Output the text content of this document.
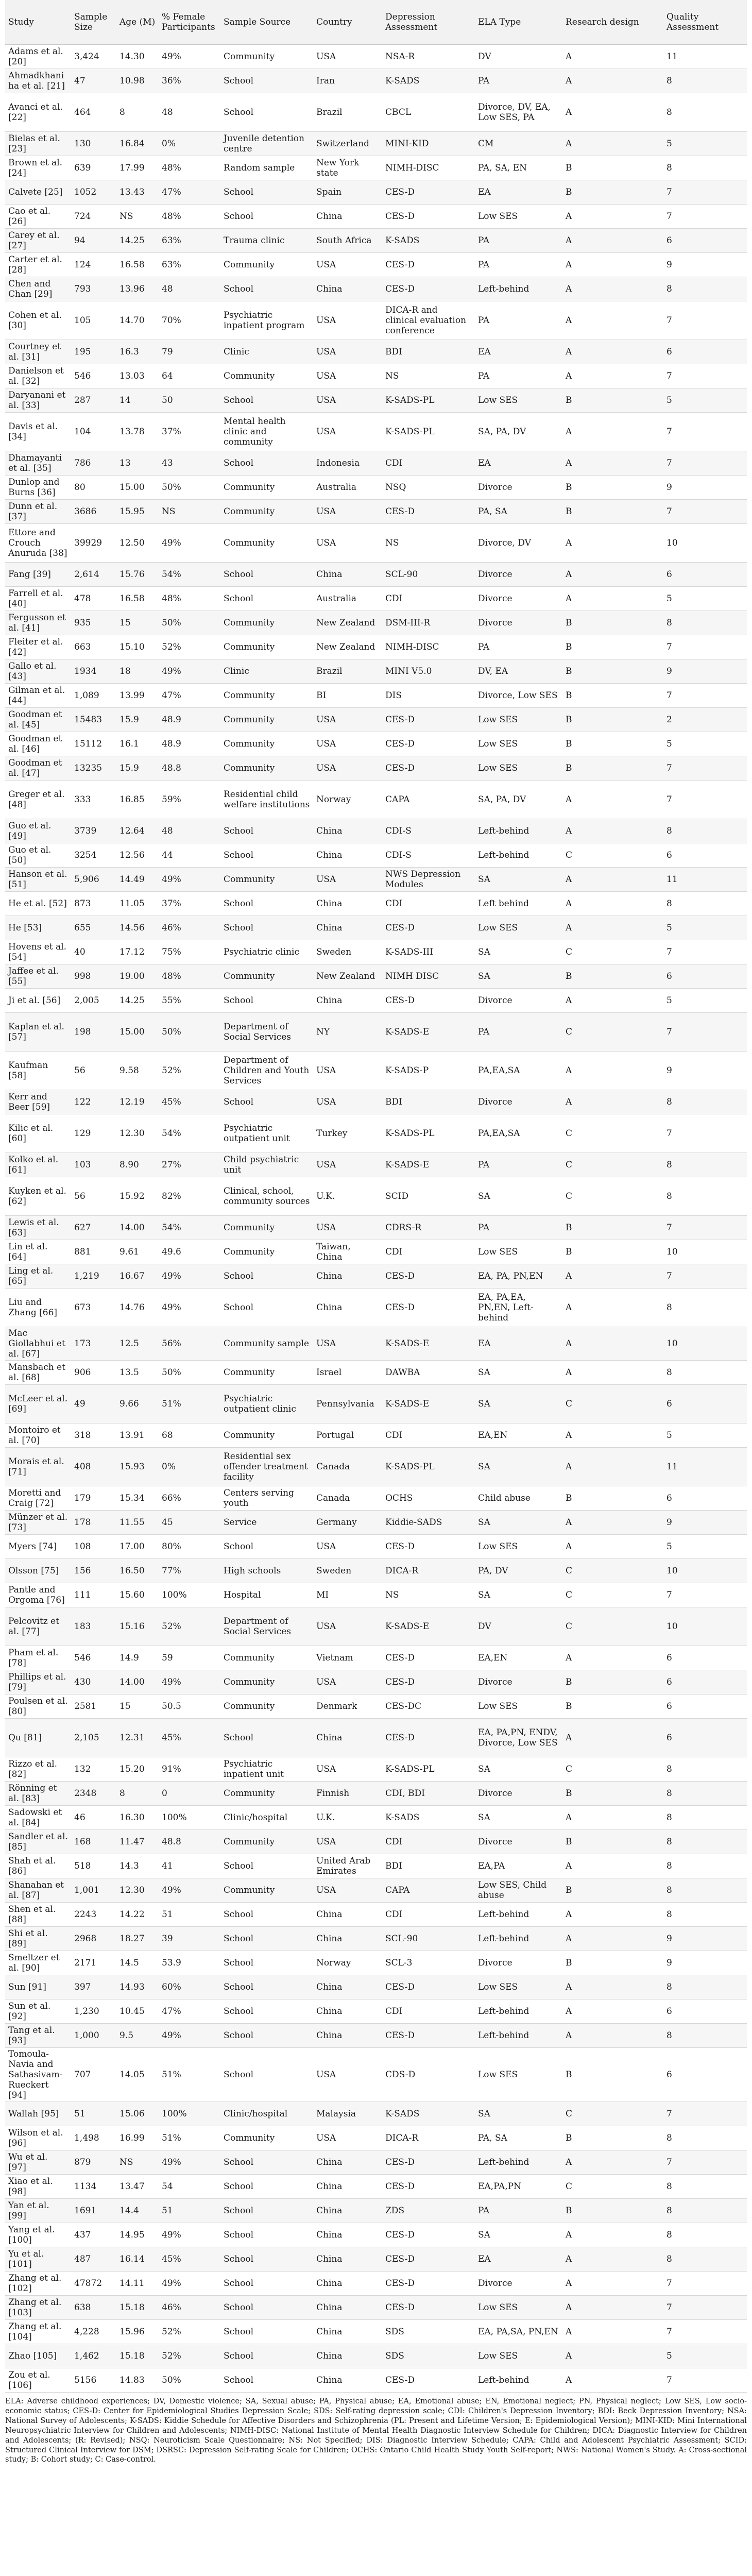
Study	Sample Size	Age (M)	% Female Participants	Sample Source	Country	Depression Assessment	ELA Type	Research design	Quality Assessment
Adams et al. [20]	3,424	14.30	49%	Community	USA	NSA-R	DV	A	11
Ahmadkhaniha et al. [21]	47	10.98	36%	School	Iran	K-SADS	PA	A	8
Avanci et al. [22]	464	8	48	School	Brazil	CBCL	Divorce, DV, EA, Low SES, PA	A	8
Bielas et al. [23]	130	16.84	0%	Juvenile detention centre	Switzerland	MINI-KID	CM	A	5
Brown et al. [24]	639	17.99	48%	Random sample	New York state	NIMH-DISC	PA, SA, EN	B	8
Calvete [25]	1052	13.43	47%	School	Spain	CES-D	EA	B	7
Cao et al. [26]	724	NS	48%	School	China	CES-D	Low SES	A	7
Carey et al. [27]	94	14.25	63%	Trauma clinic	South Africa	K-SADS	PA	A	6
Carter et al. [28]	124	16.58	63%	Community	USA	CES-D	PA	A	9
Chen and Chan [29]	793	13.96	48	School	China	CES-D	Left-behind	A	8
Cohen et al. [30]	105	14.70	70%	Psychiatric inpatient program	USA	DICA-R and clinical evaluation conference	PA	A	7
Courtney et al. [31]	195	16.3	79	Clinic	USA	BDI	EA	A	6
Danielson et al. [32]	546	13.03	64	Community	USA	NS	PA	A	7
Daryanani et al. [33]	287	14	50	School	USA	K-SADS-PL	Low SES	B	5
Davis et al. [34]	104	13.78	37%	Mental health clinic and community	USA	K-SADS-PL	SA, PA, DV	A	7
Dhamayanti et al. [35]	786	13	43	School	Indonesia	CDI	EA	A	7
Dunlop and Burns [36]	80	15.00	50%	Community	Australia	NSQ	Divorce	B	9
Dunn et al. [37]	3686	15.95	NS	Community	USA	CES-D	PA, SA	B	7
Ettore and Crouch Anuruda [38]	39929	12.50	49%	Community	USA	NS	Divorce, DV	A	10
Fang [39]	2,614	15.76	54%	School	China	SCL-90	Divorce	A	6
Farrell et al. [40]	478	16.58	48%	School	Australia	CDI	Divorce	A	5
Fergusson et al. [41]	935	15	50%	Community	New Zealand	DSM-III-R	Divorce	B	8
Fleiter et al. [42]	663	15.10	52%	Community	New Zealand	NIMH-DISC	PA	B	7
Gallo et al. [43]	1934	18	49%	Clinic	Brazil	MINI V5.0	DV, EA	B	9
Gilman et al. [44]	1,089	13.99	47%	Community	BI	DIS	Divorce, Low SES	B	7
Goodman et al. [45]	15483	15.9	48.9	Community	USA	CES-D	Low SES	B	2
Goodman et al. [46]	15112	16.1	48.9	Community	USA	CES-D	Low SES	B	5
Goodman et al. [47]	13235	15.9	48.8	Community	USA	CES-D	Low SES	B	7
Greger et al. [48]	333	16.85	59%	Residential child welfare institutions	Norway	CAPA	SA, PA, DV	A	7
Guo et al. [49]	3739	12.64	48	School	China	CDI-S	Left-behind	A	8
Guo et al. [50]	3254	12.56	44	School	China	CDI-S	Left-behind	C	6
Hanson et al. [51]	5,906	14.49	49%	Community	USA	NWS Depression Modules	SA	A	11
He et al. [52]	873	11.05	37%	School	China	CDI	Left behind	A	8
He [53]	655	14.56	46%	School	China	CES-D	Low SES	A	5
Hovens et al. [54]	40	17.12	75%	Psychiatric clinic	Sweden	K-SADS-III	SA	C	7
Jaffee et al. [55]	998	19.00	48%	Community	New Zealand	NIMH DISC	SA	B	6
Ji et al. [56]	2,005	14.25	55%	School	China	CES-D	Divorce	A	5
Kaplan et al. [57]	198	15.00	50%	Department of Social Services	NY	K-SADS-E	PA	C	7
Kaufman [58]	56	9.58	52%	Department of Children and Youth Services	USA	K-SADS-P	PA,EA,SA	A	9
Kerr and Beer [59]	122	12.19	45%	School	USA	BDI	Divorce	A	8
Kilic et al. [60]	129	12.30	54%	Psychiatric outpatient unit	Turkey	K-SADS-PL	PA,EA,SA	C	7
Kolko et al. [61]	103	8.90	27%	Child psychiatric unit	USA	K-SADS-E	PA	C	8
Kuyken et al. [62]	56	15.92	82%	Clinical, school, community sources	U.K.	SCID	SA	C	8
Lewis et al. [63]	627	14.00	54%	Community	USA	CDRS-R	PA	B	7
Lin et al. [64]	881	9.61	49.6	Community	Taiwan, China	CDI	Low SES	B	10
Ling et al. [65]	1,219	16.67	49%	School	China	CES-D	EA, PA, PN,EN	A	7
Liu and Zhang [66]	673	14.76	49%	School	China	CES-D	EA, PA,EA, PN,EN, Left-behind	A	8
Mac Giollabhui et al. [67]	173	12.5	56%	Community sample	USA	K-SADS-E	EA	A	10
Mansbach et al. [68]	906	13.5	50%	Community	Israel	DAWBA	SA	A	8
McLeer et al. [69]	49	9.66	51%	Psychiatric outpatient clinic	Pennsylvania	K-SADS-E	SA	C	6
Montoiro et al. [70]	318	13.91	68	Community	Portugal	CDI	EA,EN	A	5
Morais et al. [71]	408	15.93	0%	Residential sex offender treatment facility	Canada	K-SADS-PL	SA	A	11
Moretti and Craig [72]	179	15.34	66%	Centers serving youth	Canada	OCHS	Child abuse	B	6
Münzer et al. [73]	178	11.55	45	Service	Germany	Kiddie-SADS	SA	A	9
Myers [74]	108	17.00	80%	School	USA	CES-D	Low SES	A	5
Olsson [75]	156	16.50	77%	High schools	Sweden	DICA-R	PA, DV	C	10
Pantle and Orgoma [76]	111	15.60	100%	Hospital	MI	NS	SA	C	7
Pelcovitz et al. [77]	183	15.16	52%	Department of Social Services	USA	K-SADS-E	DV	C	10
Pham et al. [78]	546	14.9	59	Community	Vietnam	CES-D	EA,EN	A	6
Phillips et al. [79]	430	14.00	49%	Community	USA	CES-D	Divorce	B	6
Poulsen et al. [80]	2581	15	50.5	Community	Denmark	CES-DC	Low SES	B	6
Qu [81]	2,105	12.31	45%	School	China	CES-D	EA, PA,PN, ENDV, Divorce, Low SES	A	6
Rizzo et al. [82]	132	15.20	91%	Psychiatric inpatient unit	USA	K-SADS-PL	SA	C	8
Rönning et al. [83]	2348	8	0	Community	Finnish	CDI, BDI	Divorce	B	8
Sadowski et al. [84]	46	16.30	100%	Clinic/hospital	U.K.	K-SADS	SA	A	8
Sandler et al. [85]	168	11.47	48.8	Community	USA	CDI	Divorce	B	8
Shah et al. [86]	518	14.3	41	School	United Arab Emirates	BDI	EA,PA	A	8
Shanahan et al. [87]	1,001	12.30	49%	Community	USA	CAPA	Low SES, Child abuse	B	8
Shen et al. [88]	2243	14.22	51	School	China	CDI	Left-behind	A	8
Shi et al. [89]	2968	18.27	39	School	China	SCL-90	Left-behind	A	9
Smeltzer et al. [90]	2171	14.5	53.9	School	Norway	SCL-3	Divorce	B	9
Sun [91]	397	14.93	60%	School	China	CES-D	Low SES	A	8
Sun et al. [92]	1,230	10.45	47%	School	China	CDI	Left-behind	A	6
Tang et al. [93]	1,000	9.5	49%	School	China	CES-D	Left-behind	A	8
Tomoula-Navia and Sathasivam-Rueckert [94]	707	14.05	51%	School	USA	CDS-D	Low SES	B	6
Wallah [95]	51	15.06	100%	Clinic/hospital	Malaysia	K-SADS	SA	C	7
Wilson et al. [96]	1,498	16.99	51%	Community	USA	DICA-R	PA, SA	B	8
Wu et al. [97]	879	NS	49%	School	China	CES-D	Left-behind	A	7
Xiao et al. [98]	1134	13.47	54	School	China	CES-D	EA,PA,PN	C	8
Yan et al. [99]	1691	14.4	51	School	China	ZDS	PA	B	8
Yang et al. [100]	437	14.95	49%	School	China	CES-D	SA	A	8
Yu et al. [101]	487	16.14	45%	School	China	CES-D	EA	A	8
Zhang et al. [102]	47872	14.11	49%	School	China	CES-D	Divorce	A	7
Zhang et al. [103]	638	15.18	46%	School	China	CES-D	Low SES	A	7
Zhang et al. [104]	4,228	15.96	52%	School	China	SDS	EA, PA,SA, PN,EN	A	7
Zhao [105]	1,462	15.18	52%	School	China	SDS	Low SES	A	5
Zou et al. [106]	5156	14.83	50%	School	China	CES-D	Left-behind	A	7
ELA: Adverse childhood experiences; DV, Domestic violence; SA, Sexual abuse; PA, Physical abuse; EA, Emotional abuse; EN, Emotional neglect; PN, Physical neglect; Low SES, Low socio-economic status; CES-D: Center for Epidemiological Studies Depression Scale; SDS: Self-rating depression scale; CDI: Children's Depression Inventory; BDI: Beck Depression Inventory; NSA: National Survey of Adolescents; K-SADS: Kiddie Schedule for Affective Disorders and Schizophrenia (PL: Present and Lifetime Version; E: Epidemiological Version); MINI-KID: Mini International Neuropsychiatric Interview for Children and Adolescents; NIMH-DISC: National Institute of Mental Health Diagnostic Interview Schedule for Children; DICA: Diagnostic Interview for Children and Adolescents; (R: Revised); NSQ: Neuroticism Scale Questionnaire; NS: Not Specified; DIS: Diagnostic Interview Schedule; CAPA: Child and Adolescent Psychiatric Assessment; SCID: Structured Clinical Interview for DSM; DSRSC: Depression Self-rating Scale for Children; OCHS: Ontario Child Health Study Youth Self-report; NWS: National Women's Study. A: Cross-sectional study; B: Cohort study; C: Case-control.
